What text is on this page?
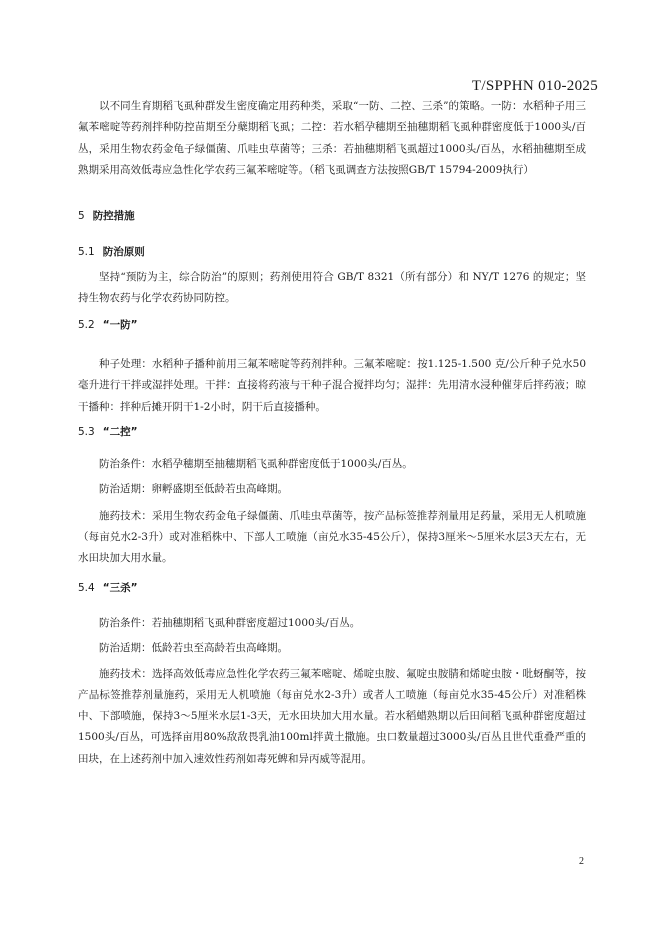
T/SPPHN 010-2025

以不同生育期稻飞虱种群发生密度确定用药种类，采取“一防、二控、三杀”的策略。一防：水稻种子用三氟苯嘧啶等药剂拌种防控苗期至分蘖期稻飞虱；二控：若水稻孕穗期至抽穗期稻飞虱种群密度低于1000头/百丛，采用生物农药金龟子绿僵菌、爪哇虫草菌等；三杀：若抽穗期稻飞虱超过1000头/百丛，水稻抽穗期至成熟期采用高效低毒应急性化学农药三氟苯嘧啶等。（稻飞虱调查方法按照GB/T 15794-2009执行）

5 防控措施

5.1 防治原则

坚持“预防为主，综合防治”的原则；药剂使用符合 GB/T 8321（所有部分）和 NY/T 1276 的规定；坚持生物农药与化学农药协同防控。

5.2 “一防”

种子处理：水稻种子播种前用三氟苯嘧啶等药剂拌种。三氟苯嘧啶：按1.125-1.500 克/公斤种子兑水50毫升进行干拌或湿拌处理。干拌：直接将药液与干种子混合搅拌均匀；湿拌：先用清水浸种催芽后拌药液；晾干播种：拌种后摊开阴干1-2小时，阴干后直接播种。

5.3 “二控”

防治条件：水稻孕穗期至抽穗期稻飞虱种群密度低于1000头/百丛。

防治适期：卵孵盛期至低龄若虫高峰期。

施药技术：采用生物农药金龟子绿僵菌、爪哇虫草菌等，按产品标签推荐剂量用足药量，采用无人机喷施（每亩兑水2-3升）或对准稻株中、下部人工喷施（亩兑水35-45公斤），保持3厘米～5厘米水层3天左右，无水田块加大用水量。

5.4 “三杀”

防治条件：若抽穗期稻飞虱种群密度超过1000头/百丛。

防治适期：低龄若虫至高龄若虫高峰期。

施药技术：选择高效低毒应急性化学农药三氟苯嘧啶、烯啶虫胺、氟啶虫胺腈和烯啶虫胺・吡蚜酮等，按产品标签推荐剂量施药，采用无人机喷施（每亩兑水2-3升）或者人工喷施（每亩兑水35-45公斤）对准稻株中、下部喷施，保持3～5厘米水层1-3天，无水田块加大用水量。若水稻蜡熟期以后田间稻飞虱种群密度超过1500头/百丛，可选择亩用80%敌敌畏乳油100ml拌黄土撒施。虫口数量超过3000头/百丛且世代重叠严重的田块，在上述药剂中加入速效性药剂如毒死蜱和异丙威等混用。

2
